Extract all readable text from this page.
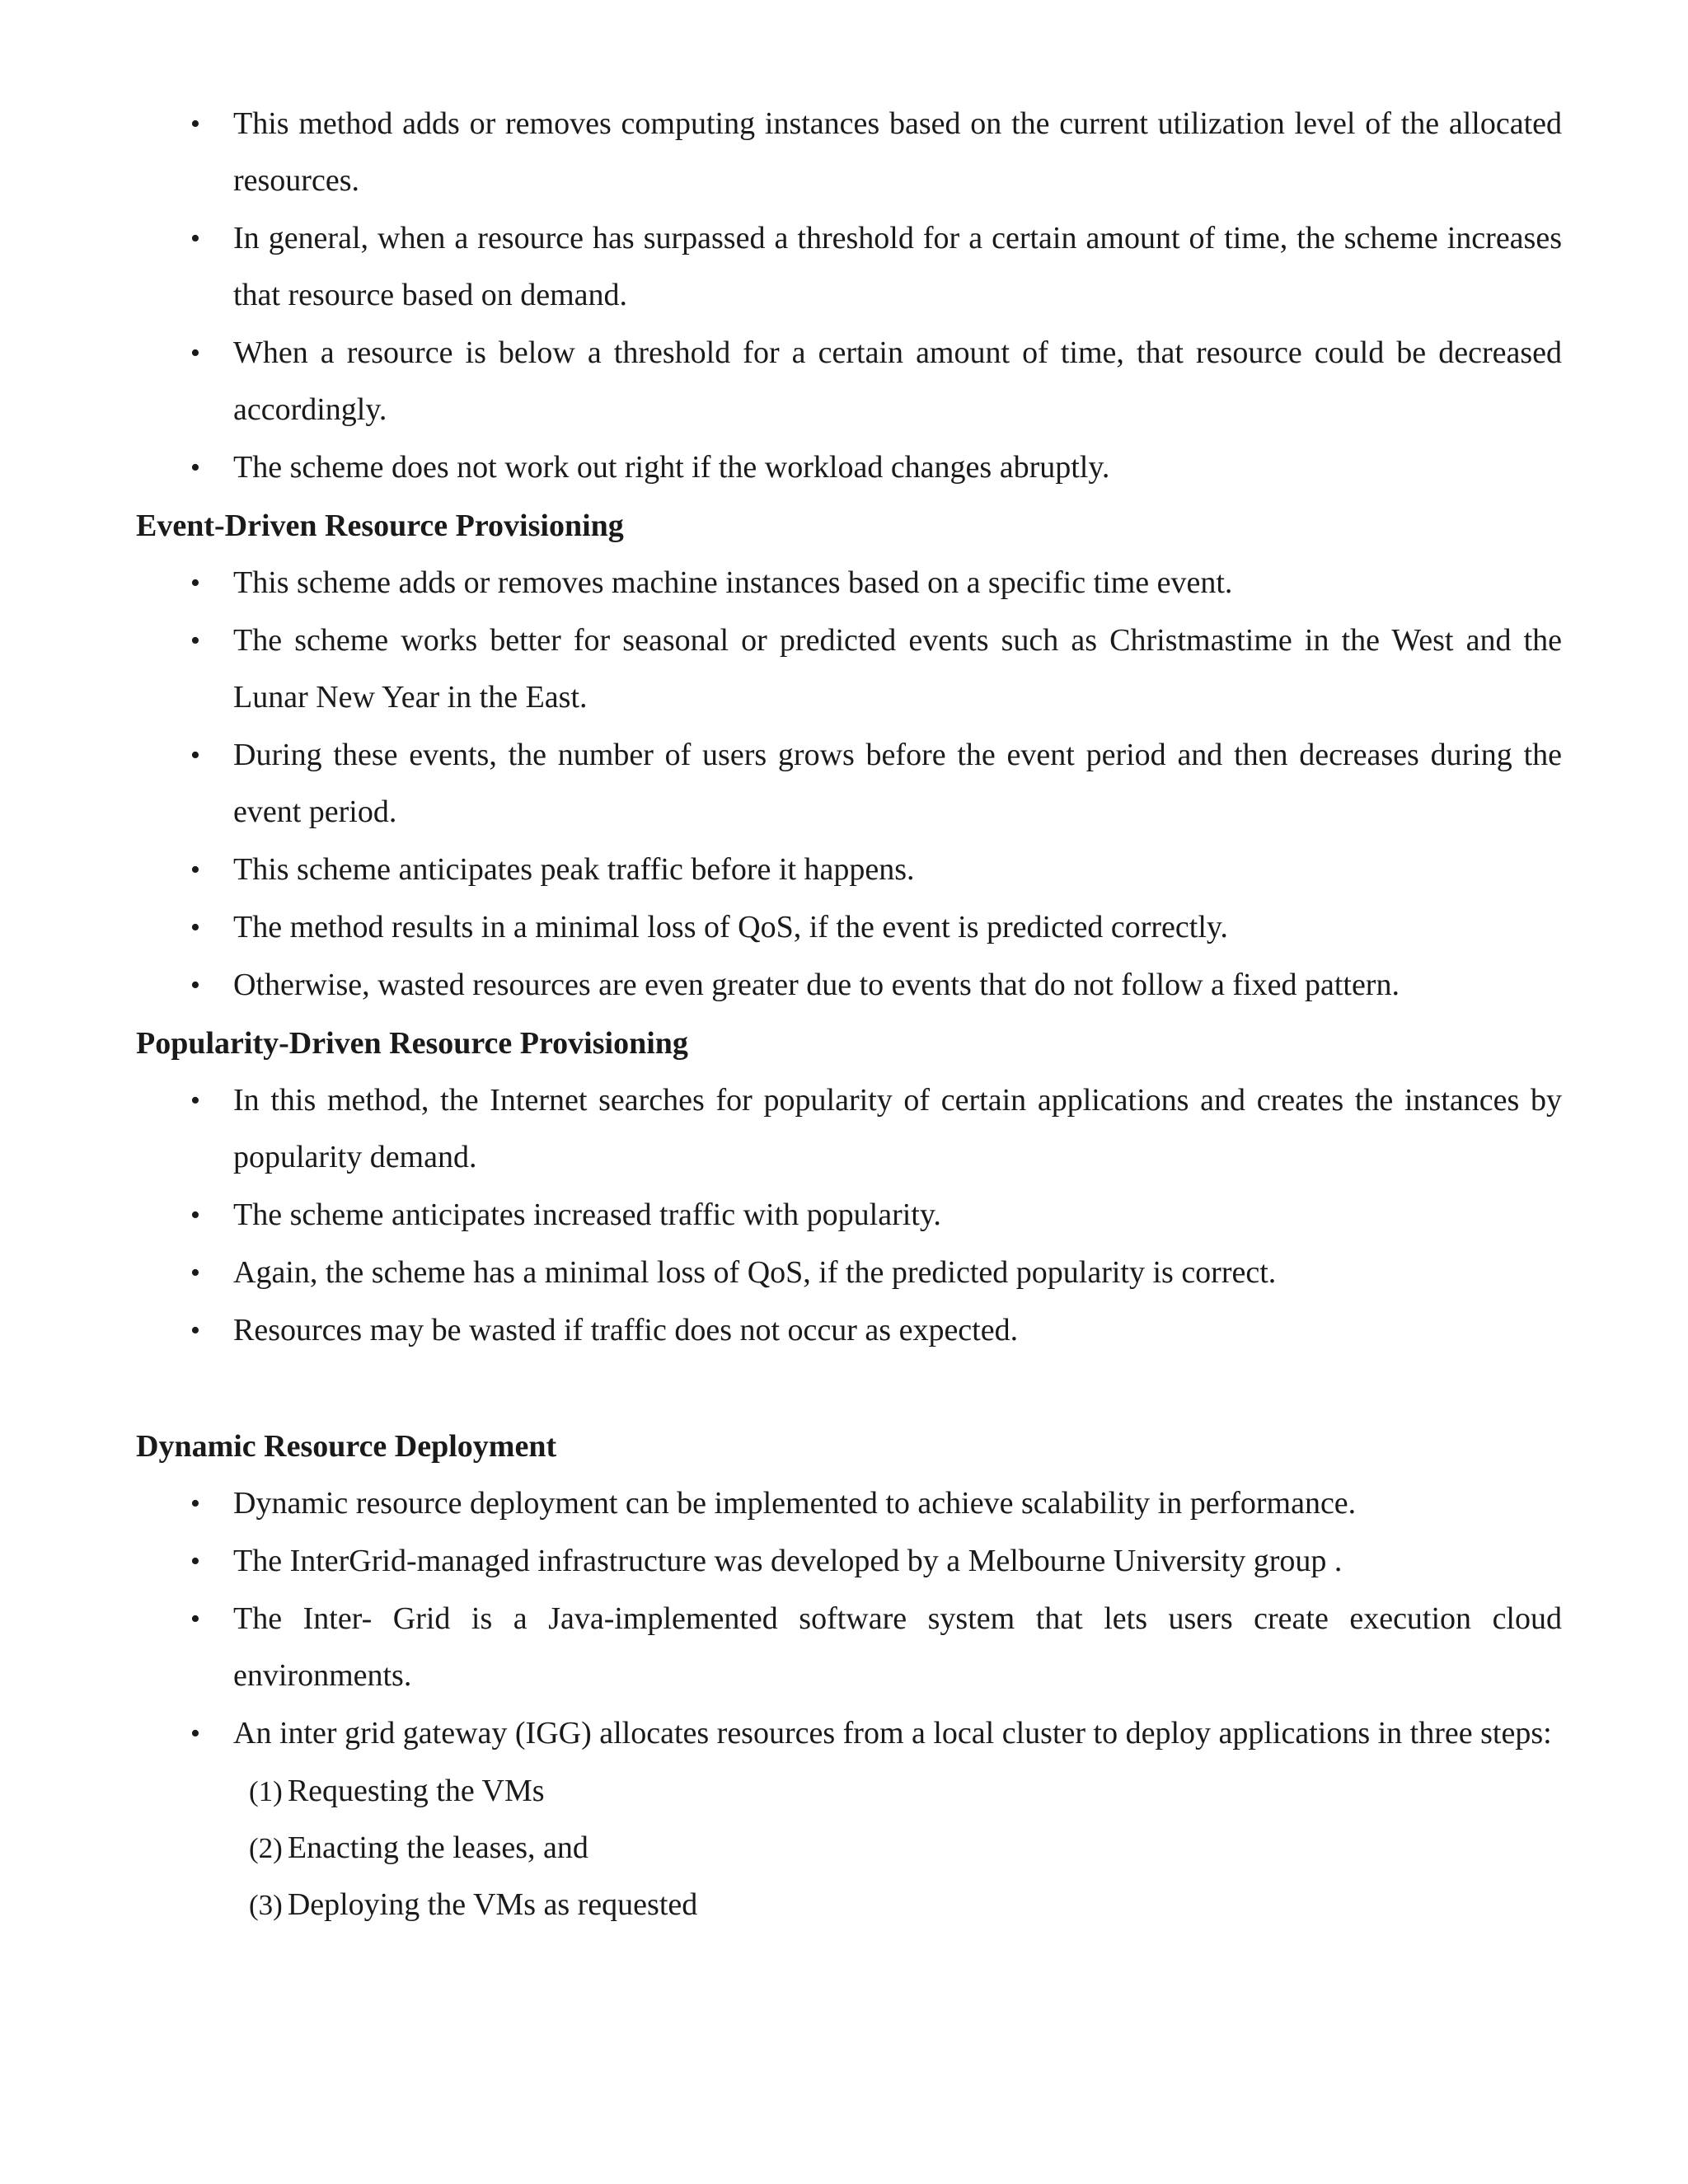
• This method adds or removes computing instances based on the current utilization level of the allocated resources.
• In general, when a resource has surpassed a threshold for a certain amount of time, the scheme increases that resource based on demand.
• When a resource is below a threshold for a certain amount of time, that resource could be decreased accordingly.
• The scheme does not work out right if the workload changes abruptly.
Event-Driven Resource Provisioning
• This scheme adds or removes machine instances based on a specific time event.
• The scheme works better for seasonal or predicted events such as Christmastime in the West and the Lunar New Year in the East.
• During these events, the number of users grows before the event period and then decreases during the event period.
• This scheme anticipates peak traffic before it happens.
• The method results in a minimal loss of QoS, if the event is predicted correctly.
• Otherwise, wasted resources are even greater due to events that do not follow a fixed pattern.
Popularity-Driven Resource Provisioning
• In this method, the Internet searches for popularity of certain applications and creates the instances by popularity demand.
• The scheme anticipates increased traffic with popularity.
• Again, the scheme has a minimal loss of QoS, if the predicted popularity is correct.
• Resources may be wasted if traffic does not occur as expected.
Dynamic Resource Deployment
• Dynamic resource deployment can be implemented to achieve scalability in performance.
• The InterGrid-managed infrastructure was developed by a Melbourne University group .
• The Inter- Grid is a Java-implemented software system that lets users create execution cloud environments.
• An inter grid gateway (IGG) allocates resources from a local cluster to deploy applications in three steps:
(1) Requesting the VMs
(2) Enacting the leases, and
(3) Deploying the VMs as requested
